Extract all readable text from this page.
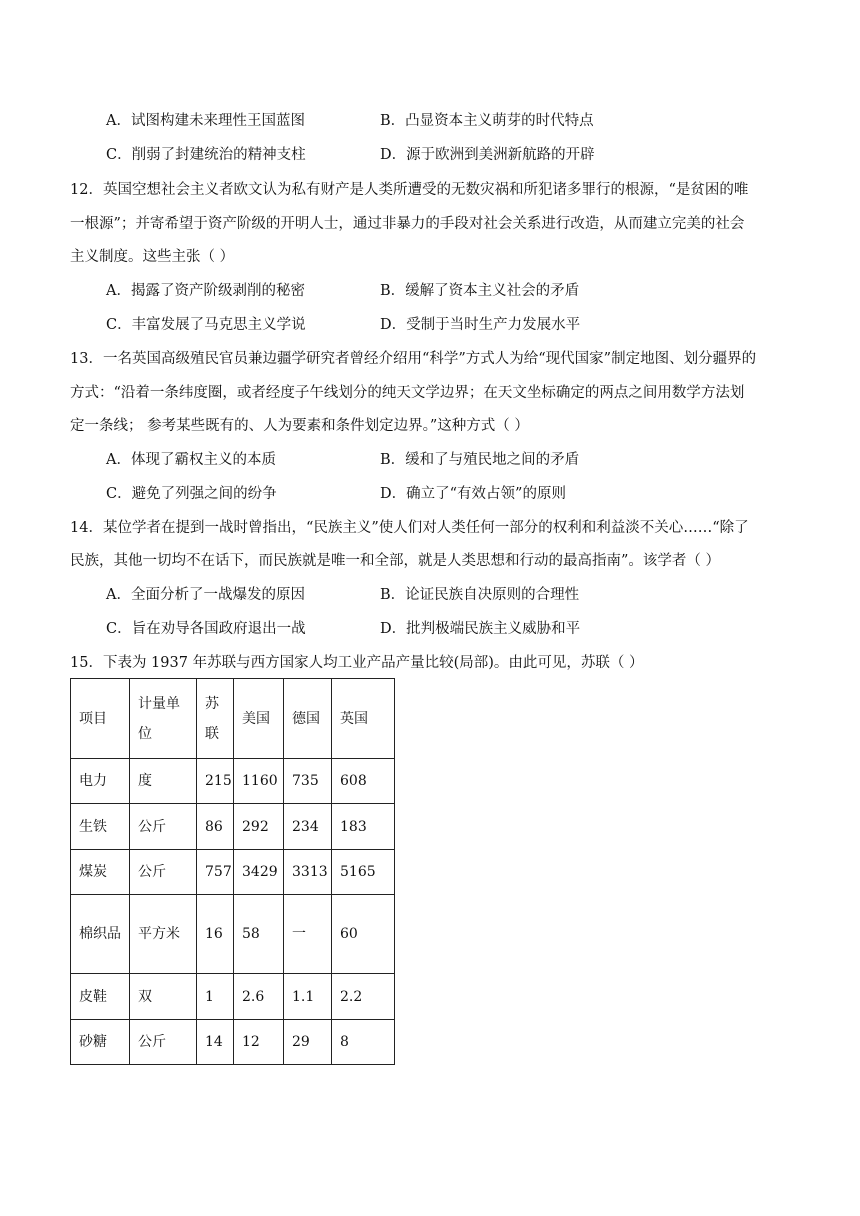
A．试图构建未来理性王国蓝图	B．凸显资本主义萌芽的时代特点
C．削弱了封建统治的精神支柱	D．源于欧洲到美洲新航路的开辟
12．英国空想社会主义者欧文认为私有财产是人类所遭受的无数灾祸和所犯诸多罪行的根源，“是贫困的唯
一根源”；并寄希望于资产阶级的开明人士，通过非暴力的手段对社会关系进行改造，从而建立完美的社会
主义制度。这些主张（ ）
A．揭露了资产阶级剥削的秘密	B．缓解了资本主义社会的矛盾
C．丰富发展了马克思主义学说	D．受制于当时生产力发展水平
13．一名英国高级殖民官员兼边疆学研究者曾经介绍用“科学”方式人为给“现代国家”制定地图、划分疆界的
方式：“沿着一条纬度圈，或者经度子午线划分的纯天文学边界；在天文坐标确定的两点之间用数学方法划
定一条线； 参考某些既有的、人为要素和条件划定边界。”这种方式（ ）
A．体现了霸权主义的本质	B．缓和了与殖民地之间的矛盾
C．避免了列强之间的纷争	D．确立了“有效占领”的原则
14．某位学者在提到一战时曾指出，“民族主义”使人们对人类任何一部分的权利和利益淡不关心……“除了
民族，其他一切均不在话下，而民族就是唯一和全部，就是人类思想和行动的最高指南”。该学者（ ）
A．全面分析了一战爆发的原因	B．论证民族自决原则的合理性
C．旨在劝导各国政府退出一战	D．批判极端民族主义威胁和平
15．下表为 1937 年苏联与西方国家人均工业产品产量比较(局部)。由此可见，苏联（ ）
项目	计量单位	苏联	美国	德国	英国
电力	度	215	1160	735	608
生铁	公斤	86	292	234	183
煤炭	公斤	757	3429	3313	5165
棉织品	平方米	16	58	一	60
皮鞋	双	1	2.6	1.1	2.2
砂糖	公斤	14	12	29	8
